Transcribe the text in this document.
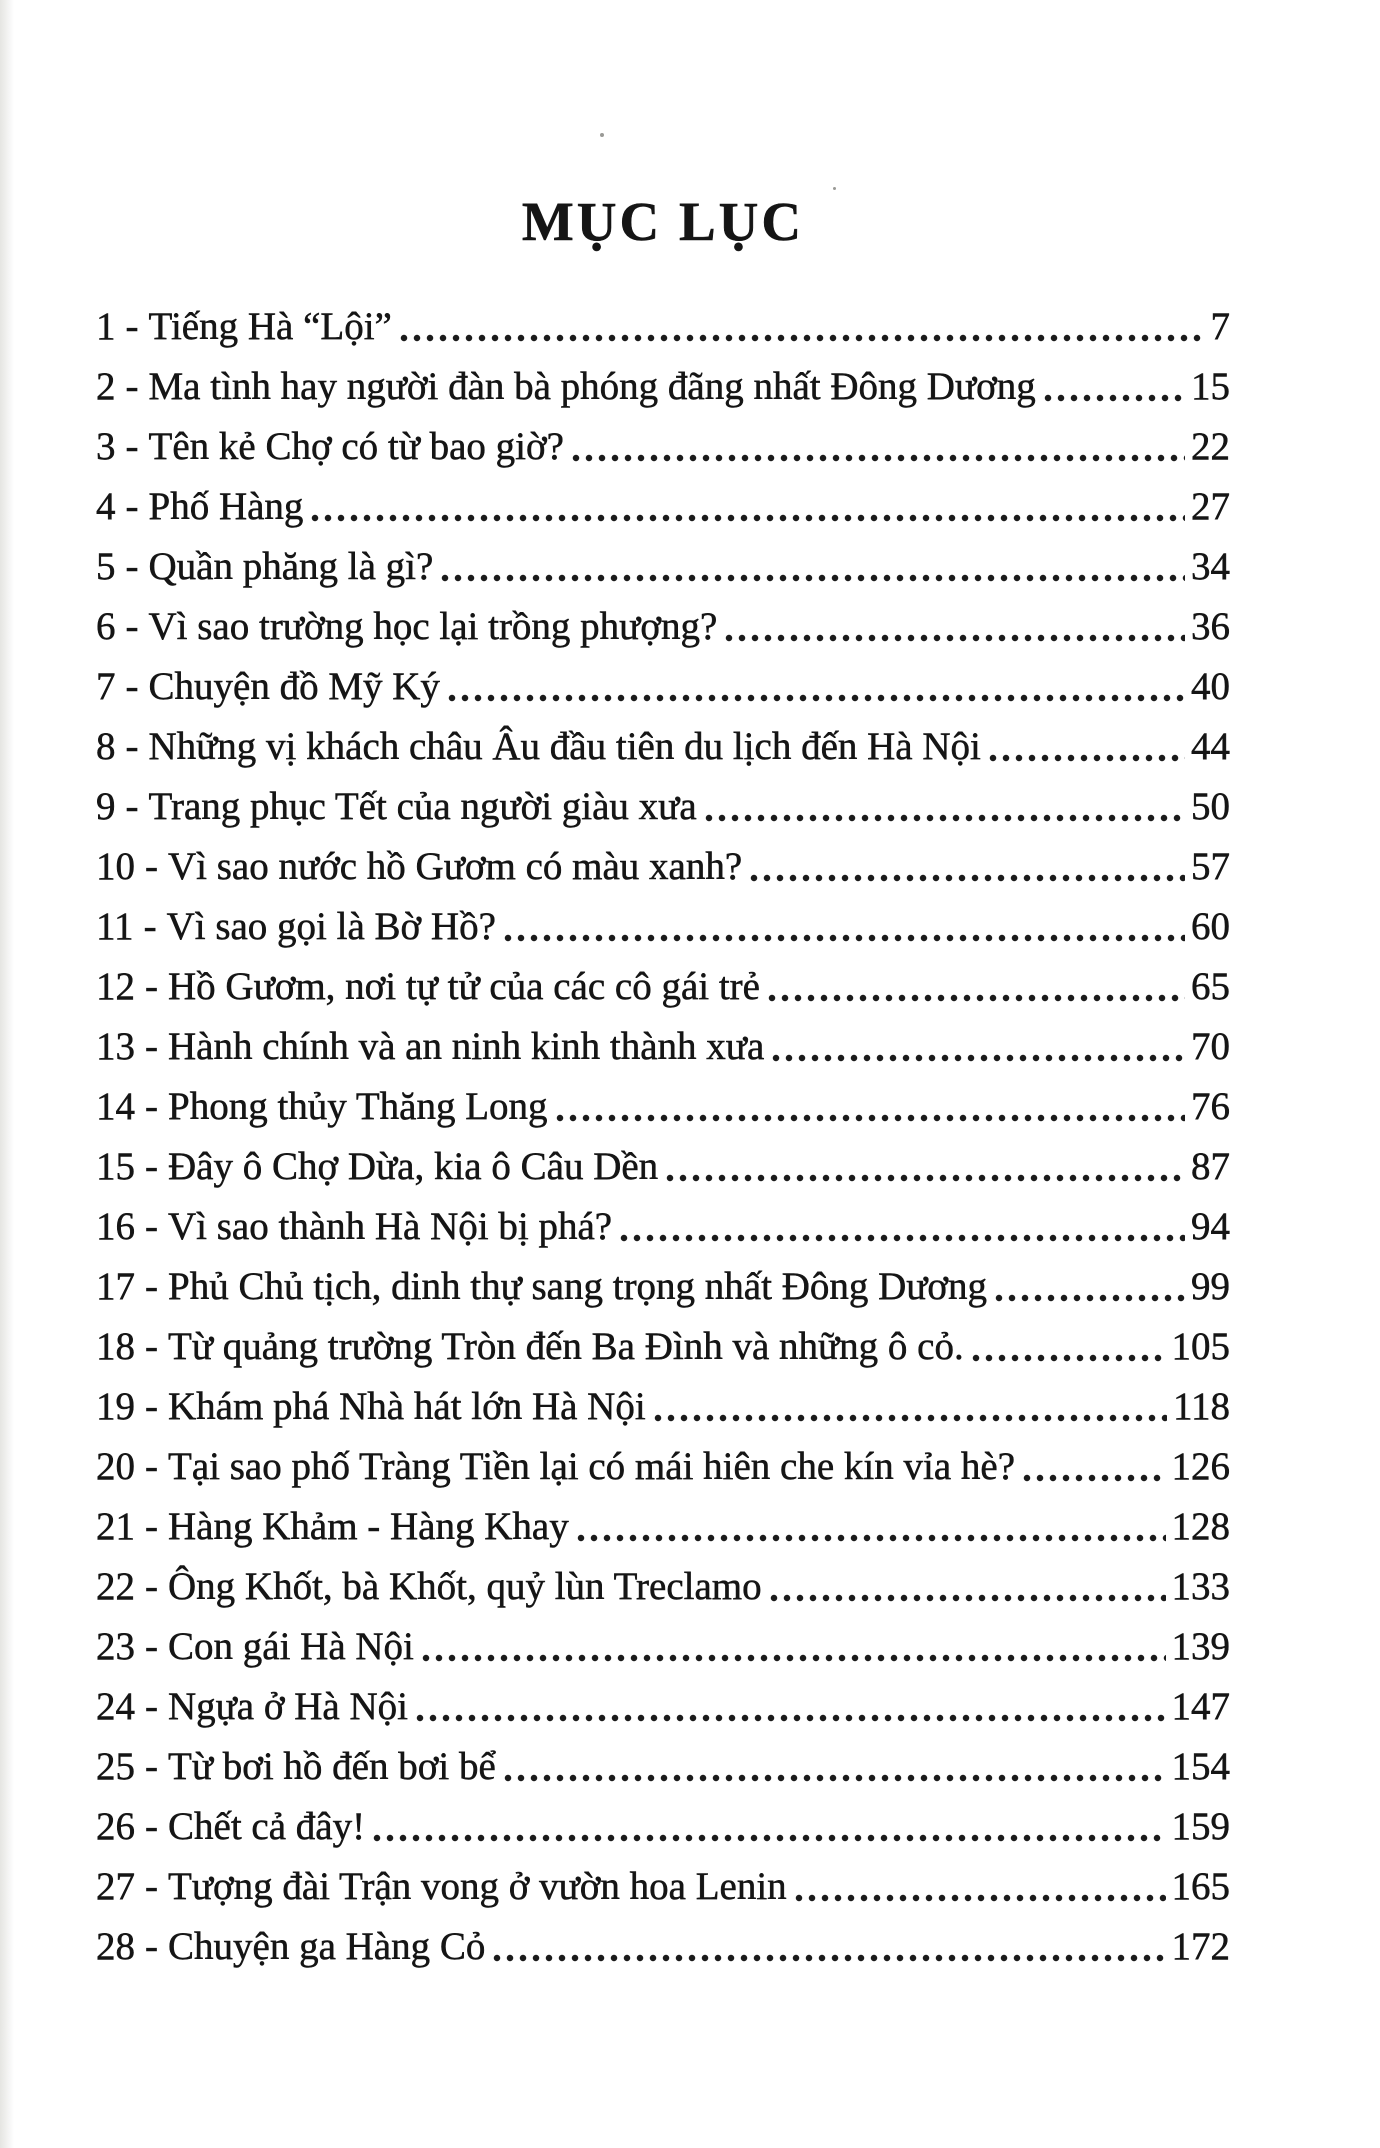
MỤC LỤC
1 - Tiếng Hà “Lội”	7
2 - Ma tình hay người đàn bà phóng đãng nhất Đông Dương	15
3 - Tên kẻ Chợ có từ bao giờ?	22
4 - Phố Hàng	27
5 - Quần phăng là gì?	34
6 - Vì sao trường học lại trồng phượng?	36
7 - Chuyện đồ Mỹ Ký	40
8 - Những vị khách châu Âu đầu tiên du lịch đến Hà Nội	44
9 - Trang phục Tết của người giàu xưa	50
10 - Vì sao nước hồ Gươm có màu xanh?	57
11 - Vì sao gọi là Bờ Hồ?	60
12 - Hồ Gươm, nơi tự tử của các cô gái trẻ	65
13 - Hành chính và an ninh kinh thành xưa	70
14 - Phong thủy Thăng Long	76
15 - Đây ô Chợ Dừa, kia ô Câu Dền	87
16 - Vì sao thành Hà Nội bị phá?	94
17 - Phủ Chủ tịch, dinh thự sang trọng nhất Đông Dương	99
18 - Từ quảng trường Tròn đến Ba Đình và những ô cỏ.	105
19 - Khám phá Nhà hát lớn Hà Nội	118
20 - Tại sao phố Tràng Tiền lại có mái hiên che kín vỉa hè?	126
21 - Hàng Khảm - Hàng Khay	128
22 - Ông Khốt, bà Khốt, quỷ lùn Treclamo	133
23 - Con gái Hà Nội	139
24 - Ngựa ở Hà Nội	147
25 - Từ bơi hồ đến bơi bể	154
26 - Chết cả đây!	159
27 - Tượng đài Trận vong ở vườn hoa Lenin	165
28 - Chuyện ga Hàng Cỏ	172
